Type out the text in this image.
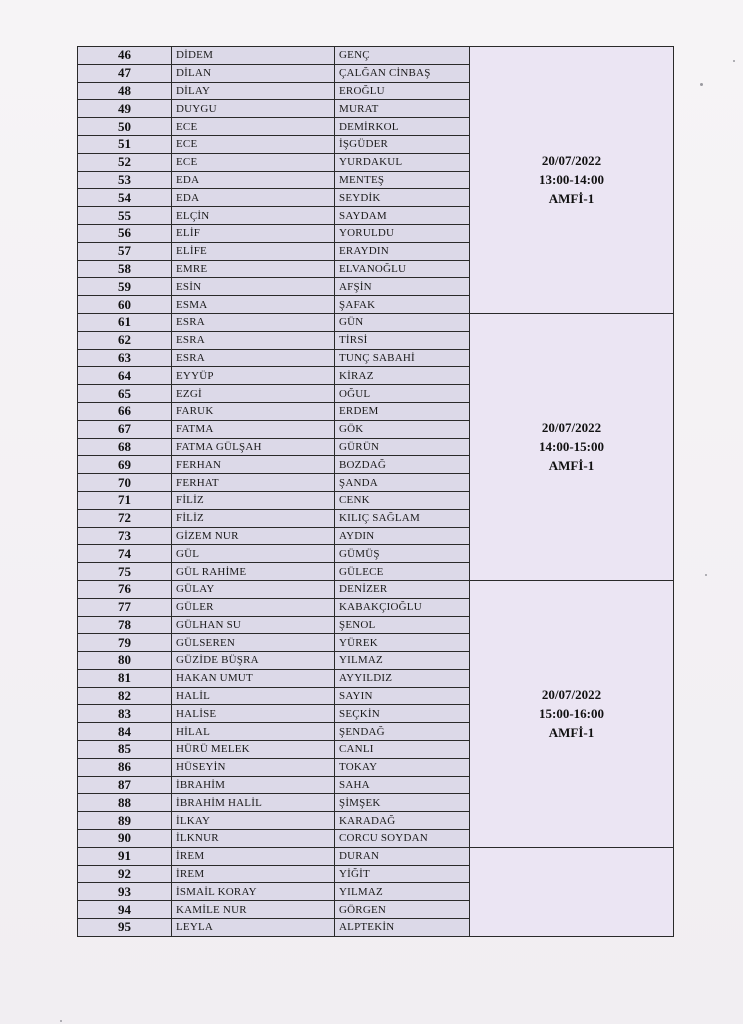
46	DİDEM	GENÇ	20/07/2022
13:00-14:00
AMFİ-1

47	DİLAN	ÇALĞAN CİNBAŞ	
48	DİLAY	EROĞLU	
49	DUYGU	MURAT	
50	ECE	DEMİRKOL	
51	ECE	İŞGÜDER	
52	ECE	YURDAKUL	
53	EDA	MENTEŞ	
54	EDA	SEYDİK	
55	ELÇİN	SAYDAM	
56	ELİF	YORULDU	
57	ELİFE	ERAYDIN	
58	EMRE	ELVANOĞLU	
59	ESİN	AFŞİN	
60	ESMA	ŞAFAK	
61	ESRA	GÜN	20/07/2022
14:00-15:00
AMFİ-1

62	ESRA	TİRSİ	
63	ESRA	TUNÇ SABAHİ	
64	EYYÜP	KİRAZ	
65	EZGİ	OĞUL	
66	FARUK	ERDEM	
67	FATMA	GÖK	
68	FATMA GÜLŞAH	GÜRÜN	
69	FERHAN	BOZDAĞ	
70	FERHAT	ŞANDA	
71	FİLİZ	CENK	
72	FİLİZ	KILIÇ SAĞLAM	
73	GİZEM NUR	AYDIN	
74	GÜL	GÜMÜŞ	
75	GÜL RAHİME	GÜLECE	
76	GÜLAY	DENİZER	20/07/2022
15:00-16:00
AMFİ-1

77	GÜLER	KABAKÇIOĞLU	
78	GÜLHAN SU	ŞENOL	
79	GÜLSEREN	YÜREK	
80	GÜZİDE BÜŞRA	YILMAZ	
81	HAKAN UMUT	AYYILDIZ	
82	HALİL	SAYIN	
83	HALİSE	SEÇKİN	
84	HİLAL	ŞENDAĞ	
85	HÜRÜ MELEK	CANLI	
86	HÜSEYİN	TOKAY	
87	İBRAHİM	SAHA	
88	İBRAHİM HALİL	ŞİMŞEK	
89	İLKAY	KARADAĞ	
90	İLKNUR	CORCU SOYDAN	
91	İREM	DURAN	

92	İREM	YİĞİT	
93	İSMAİL KORAY	YILMAZ	
94	KAMİLE NUR	GÖRGEN	
95	LEYLA	ALPTEKİN	
